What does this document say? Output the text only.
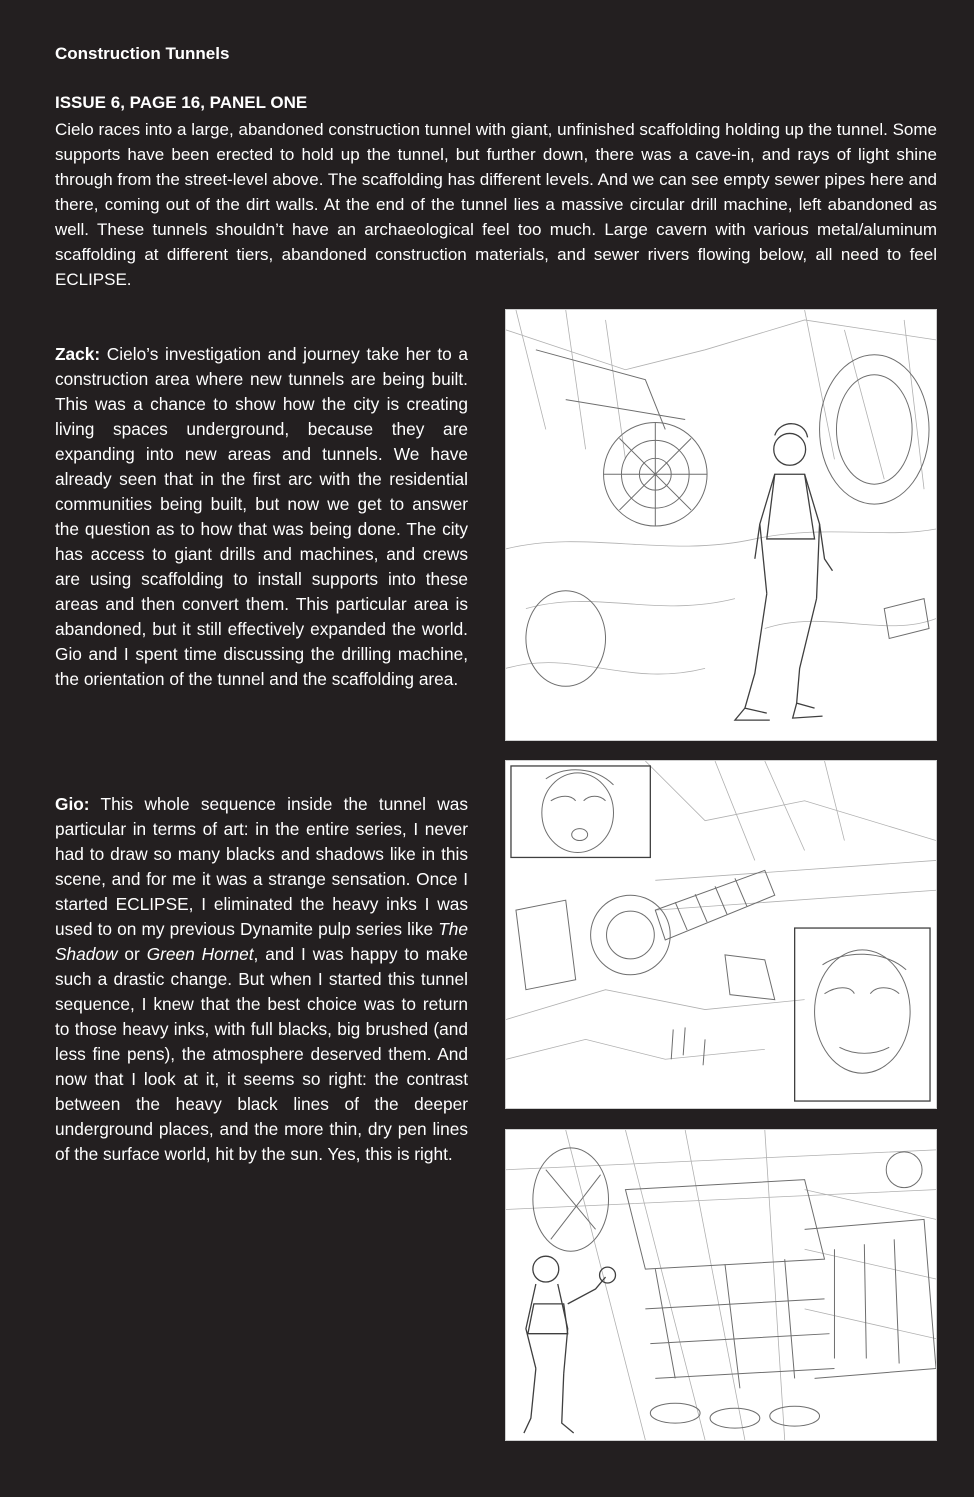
Construction Tunnels
ISSUE 6, PAGE 16, PANEL ONE

Cielo races into a large, abandoned construction tunnel with giant, unfinished scaffolding holding up the tunnel. Some supports have been erected to hold up the tunnel, but further down, there was a cave-in, and rays of light shine through from the street-level above. The scaffolding has different levels. And we can see empty sewer pipes here and there, coming out of the dirt walls. At the end of the tunnel lies a massive circular drill machine, left abandoned as well. These tunnels shouldn’t have an archaeological feel too much. Large cavern with various metal/aluminum scaffolding at different tiers, abandoned construction materials, and sewer rivers flowing below, all need to feel ECLIPSE.

Zack: Cielo’s investigation and journey take her to a construction area where new tunnels are being built. This was a chance to show how the city is creating living spaces underground, because they are expanding into new areas and tunnels. We have already seen that in the first arc with the residential communities being built, but now we get to answer the question as to how that was being done. The city has access to giant drills and machines, and crews are using scaffolding to install supports into these areas and then convert them. This particular area is abandoned, but it still effectively expanded the world. Gio and I spent time discussing the drilling machine, the orientation of the tunnel and the scaffolding area.

Gio: This whole sequence inside the tunnel was particular in terms of art: in the entire series, I never had to draw so many blacks and shadows like in this scene, and for me it was a strange sensation. Once I started ECLIPSE, I eliminated the heavy inks I was used to on my previous Dynamite pulp series like The Shadow or Green Hornet, and I was happy to make such a drastic change. But when I started this tunnel sequence, I knew that the best choice was to return to those heavy inks, with full blacks, big brushed (and less fine pens), the atmosphere deserved them. And now that I look at it, it seems so right: the contrast between the heavy black lines of the deeper underground places, and the more thin, dry pen lines of the surface world, hit by the sun. Yes, this is right.
